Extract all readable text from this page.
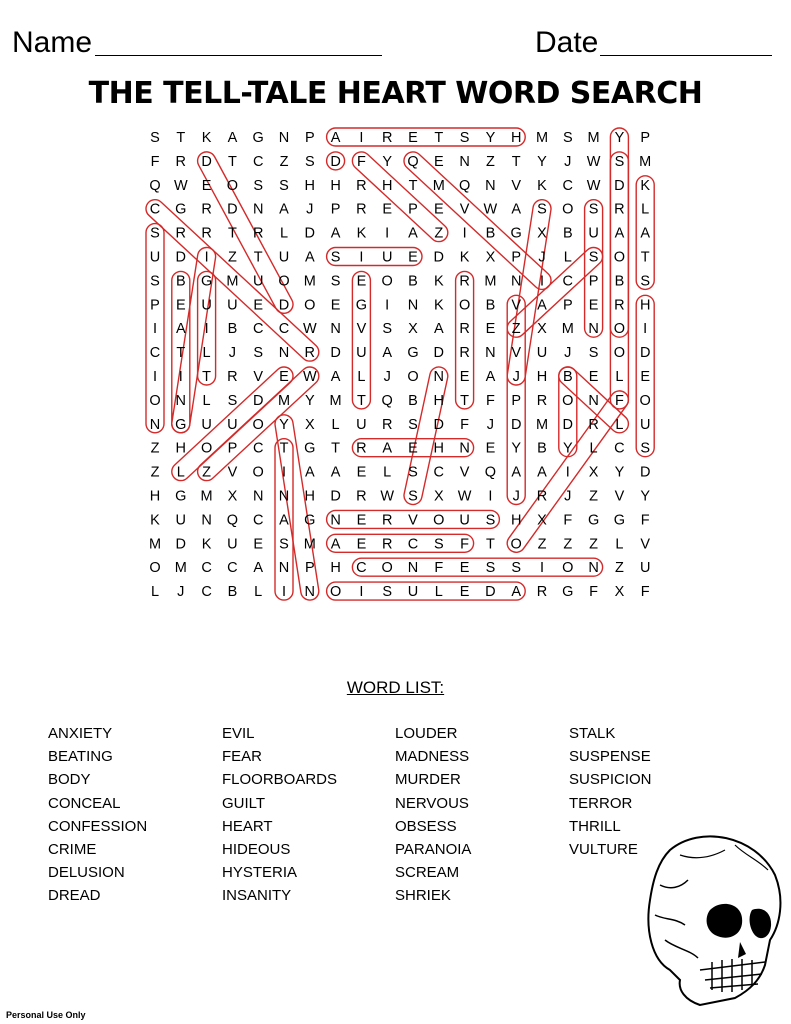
Name	Date
THE TELL-TALE HEART WORD SEARCH
S T K A G N P A I R E T S Y H M S M Y P
F R D T C Z S D F Y Q E N Z T Y J W S M
Q W E O S S H H R H T M Q N V K C W D K
C G R D N A J P R E P E V W A S O S R L
S R R T R L D A K I A Z I B G X B U A A
U D I Z T U A S I U E D K X P J L S O T
S B G M U O M S E O B K R M N I C P B S
P E U U E D O E G I N K O B V A P E R H
I A I B C C W N V S X A R E Z X M N O I
C T L J S N R D U A G D R N V U J S O D
I I T R V E W A L J O N E A J H B E L E
O N L S D M Y M T Q B H T F P R O N F O
N G U U O Y X L U R S D F J D M D R L U
Z H O P C T G T R A E H N E Y B Y L C S
Z L Z V O I A A E L S C V Q A A I X Y D
H G M X N N H D R W S X W I J R J Z V Y
K U N Q C A G N E R V O U S H X F G G F
M D K U E S M A E R C S F T O Z Z Z L V
O M C C A N P H C O N F E S S I O N Z U
L J C B L I N O I S U L E D A R G F X F
WORD LIST:
ANXIETY
BEATING
BODY
CONCEAL
CONFESSION
CRIME
DELUSION
DREAD
EVIL
FEAR
FLOORBOARDS
GUILT
HEART
HIDEOUS
HYSTERIA
INSANITY
LOUDER
MADNESS
MURDER
NERVOUS
OBSESS
PARANOIA
SCREAM
SHRIEK
STALK
SUSPENSE
SUSPICION
TERROR
THRILL
VULTURE
Personal Use Only
